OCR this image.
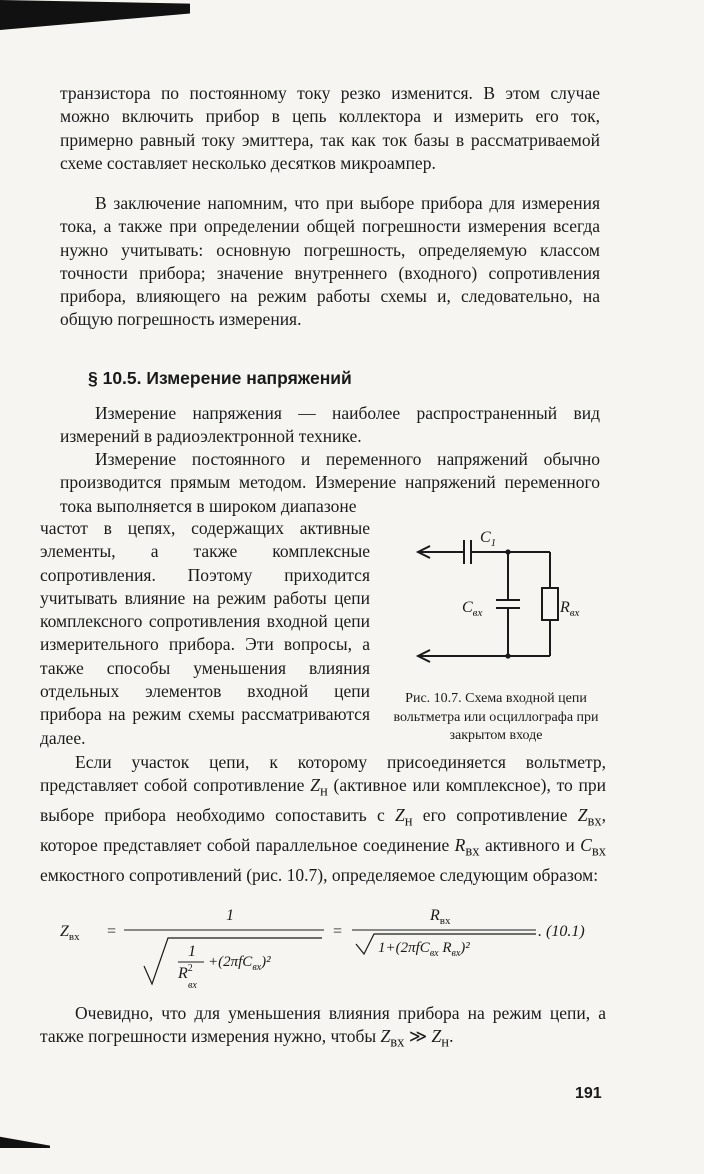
транзистора по постоянному току резко изменится. В этом случае можно включить прибор в цепь коллектора и измерить его ток, примерно равный току эмиттера, так как ток базы в рассматриваемой схеме составляет несколько десятков микроампер.

В заключение напомним, что при выборе прибора для измерения тока, а также при определении общей погрешности измерения всегда нужно учитывать: основную погрешность, определяемую классом точности прибора; значение внутреннего (входного) сопротивления прибора, влияющего на режим работы схемы и, следовательно, на общую погрешность измерения.

§ 10.5. Измерение напряжений

Измерение напряжения — наиболее распространенный вид измерений в радиоэлектронной технике.

Измерение постоянного и переменного напряжений обычно производится прямым методом. Измерение напряжений переменного тока выполняется в широком диапазоне

частот в цепях, содержащих активные элементы, а также комплексные сопротивления. Поэтому приходится учитывать влияние на режим работы цепи комплексного сопротивления входной цепи измерительного прибора. Эти вопросы, а также способы уменьшения влияния отдельных элементов входной цепи прибора на режим схемы рассматриваются далее.

$C_1$
$C_{вх}$	$R_{вх}$
Рис. 10.7. Схема входной цепи вольтметра или осциллографа при закрытом входе

Если участок цепи, к которому присоединяется вольтметр, представляет собой сопротивление $Z_н$ (активное или комплексное), то при выборе прибора необходимо сопоставить с $Z_н$ его сопротивление $Z_{вх}$, которое представляет собой параллельное соединение $R_{вх}$ активного и $C_{вх}$ емкостного сопротивлений (рис. 10.7), определяемое следующим образом:

$Z_{вх}$ =
1
1
$R^2$
вх
+(2πfC$_{вх}$)²
=
$R_{вх}$
1+(2πfC$_{вх}$ $R_{вх})^2$
. (10.1)

Очевидно, что для уменьшения влияния прибора на режим цепи, а также погрешности измерения нужно, чтобы $Z_{вх}$ ≫ $Z_н$.

191
